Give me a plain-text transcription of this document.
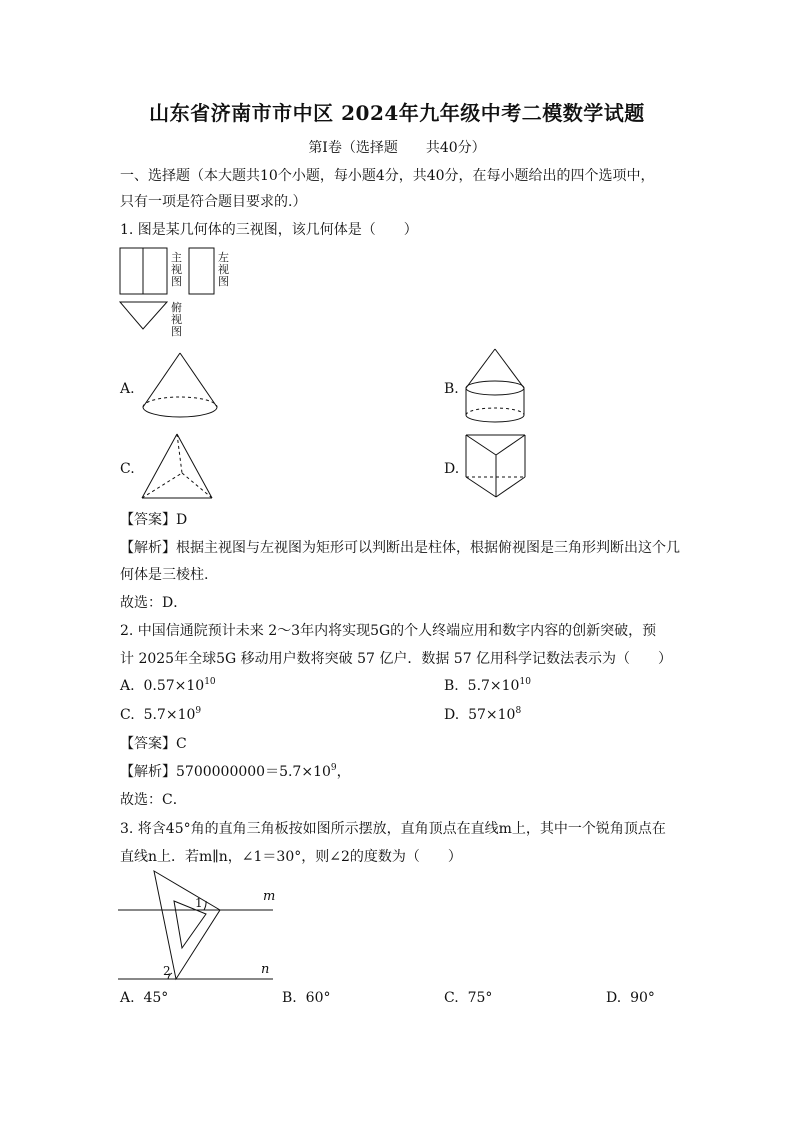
山东省济南市市中区 2024年九年级中考二模数学试题
第Ⅰ卷（选择题　　共40分）
一、选择题（本大题共10个小题，每小题4分，共40分，在每小题给出的四个选项中，
只有一项是符合题目要求的.）
1. 图是某几何体的三视图，该几何体是（　　）
主视图
左视图
俯视图
A.	B.
C.	D.
【答案】D
【解析】根据主视图与左视图为矩形可以判断出是柱体，根据俯视图是三角形判断出这个几
何体是三棱柱.
故选：D．
2. 中国信通院预计未来 2～3年内将实现5G的个人终端应用和数字内容的创新突破，预
计 2025年全球5G 移动用户数将突破 57 亿户．数据 57 亿用科学记数法表示为（　　）
A. $0.57\times 10^{10}$	B. $5.7\times 10^{10}$
C. $5.7\times 10^9$	D. $57\times 10^8$
【答案】C
【解析】$5700000000=5.7\times 10^9$，
故选：C．
3. 将含45°角的直角三角板按如图所示摆放，直角顶点在直线m上，其中一个锐角顶点在
直线n上．若m∥n，∠1＝30°，则∠2的度数为（　　）
m
n
1
2
A. 45°	B. 60°	C. 75°	D. 90°
